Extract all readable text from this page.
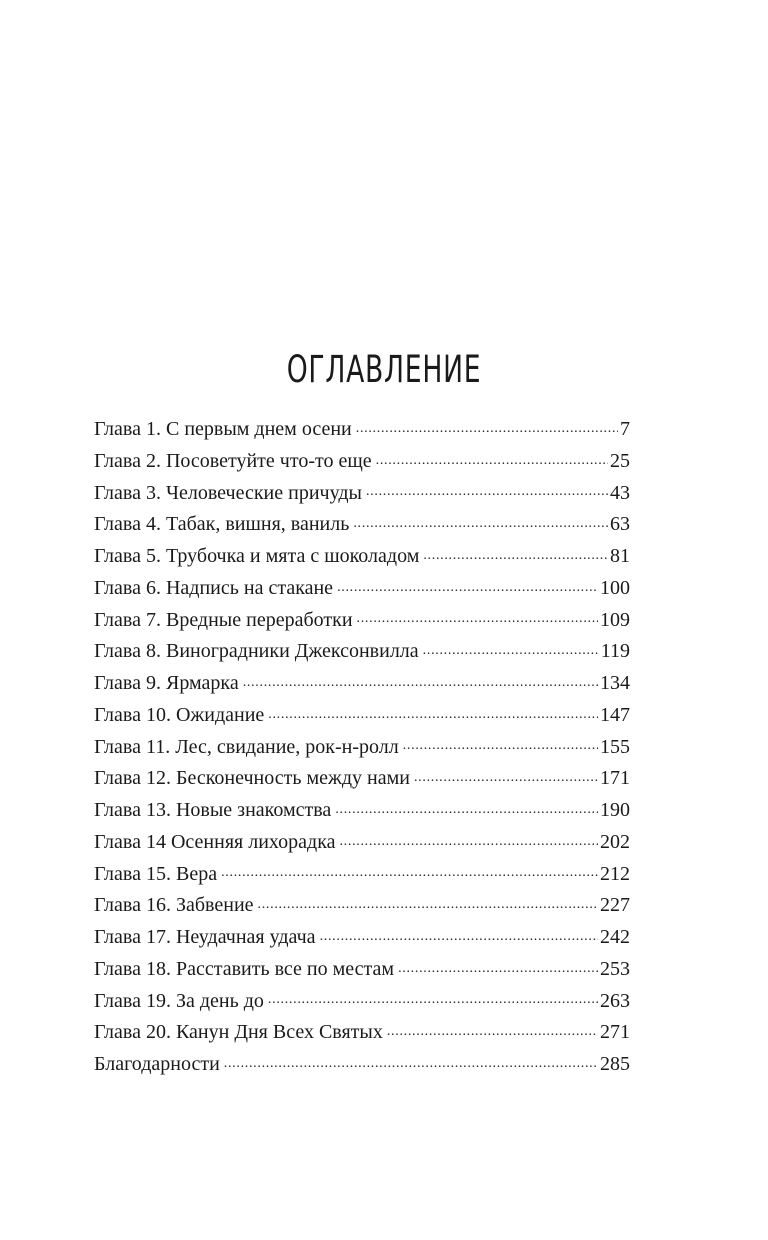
ОГЛАВЛЕНИЕ
Глава 1. С первым днем осени . . .	7
Глава 2. Посоветуйте что-то еще . . .	25
Глава 3. Человеческие причуды . . .	43
Глава 4. Табак, вишня, ваниль . . .	63
Глава 5. Трубочка и мята с шоколадом . . .	81
Глава 6. Надпись на стакане . . .	100
Глава 7. Вредные переработки . . .	109
Глава 8. Виноградники Джексонвилла . . .	119
Глава 9. Ярмарка . . .	134
Глава 10. Ожидание . . .	147
Глава 11. Лес, свидание, рок-н-ролл . . .	155
Глава 12. Бесконечность между нами . . .	171
Глава 13. Новые знакомства . . .	190
Глава 14 Осенняя лихорадка . . .	202
Глава 15. Вера . . .	212
Глава 16. Забвение . . .	227
Глава 17. Неудачная удача . . .	242
Глава 18. Расставить все по местам . . .	253
Глава 19. За день до . . .	263
Глава 20. Канун Дня Всех Святых . . .	271
Благодарности . . .	285
